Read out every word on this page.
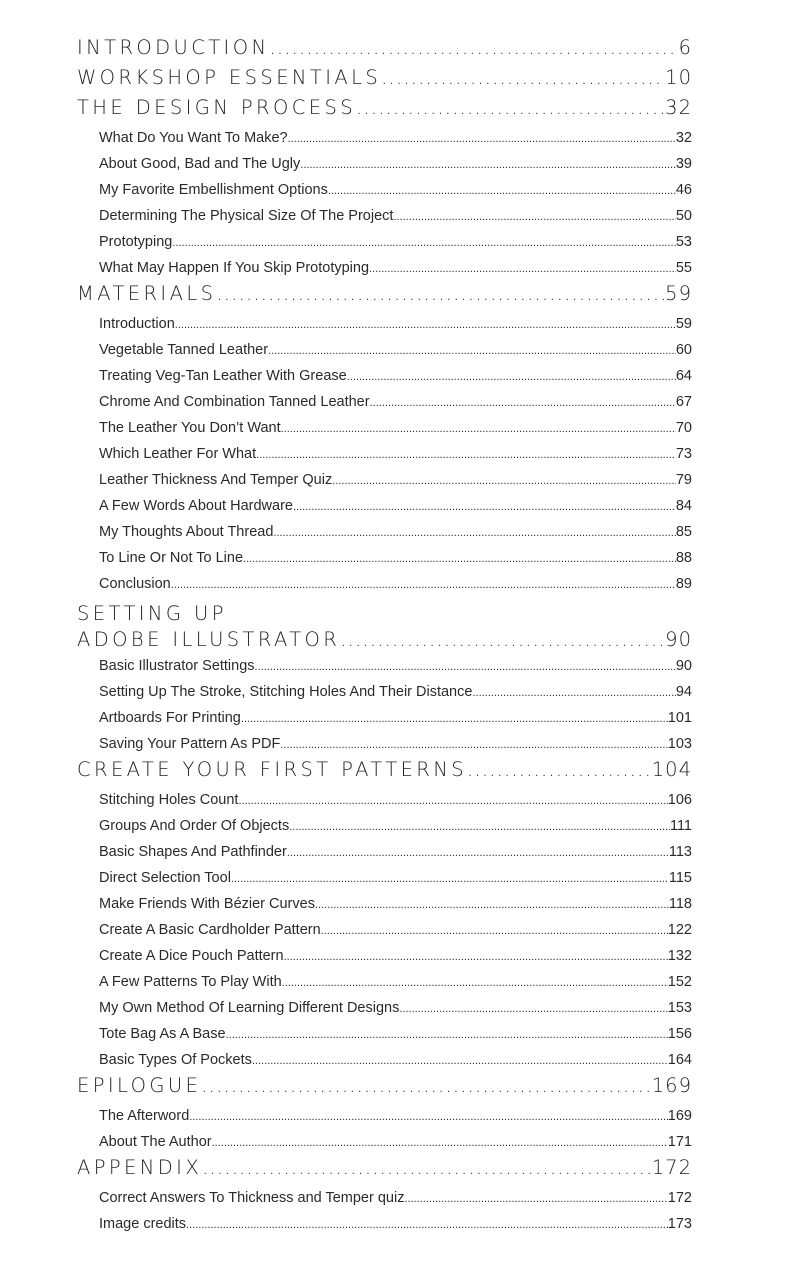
INTRODUCTION .....	6
WORKSHOP ESSENTIALS .....	10
THE DESIGN PROCESS .....	32
What Do You Want To Make? .....	32
About Good, Bad and The Ugly .....	39
My Favorite Embellishment Options .....	46
Determining The Physical Size Of The Project .....	50
Prototyping .....	53
What May Happen If You Skip Prototyping .....	55
MATERIALS .....	59
Introduction .....	59
Vegetable Tanned Leather .....	60
Treating Veg-Tan Leather With Grease .....	64
Chrome And Combination Tanned Leather .....	67
The Leather You Don’t Want .....	70
Which Leather For What .....	73
Leather Thickness And Temper Quiz .....	79
A Few Words About Hardware .....	84
My Thoughts About Thread .....	85
To Line Or Not To Line .....	88
Conclusion .....	89
SETTING UP
ADOBE ILLUSTRATOR .....	90
Basic Illustrator Settings .....	90
Setting Up The Stroke, Stitching Holes And Their Distance .....	94
Artboards For Printing .....	101
Saving Your Pattern As PDF .....	103
CREATE YOUR FIRST PATTERNS .....	104
Stitching Holes Count .....	106
Groups And Order Of Objects .....	111
Basic Shapes And Pathfinder .....	113
Direct Selection Tool .....	115
Make Friends With Bézier Curves .....	118
Create A Basic Cardholder Pattern .....	122
Create A Dice Pouch Pattern .....	132
A Few Patterns To Play With .....	152
My Own Method Of Learning Different Designs .....	153
Tote Bag As A Base .....	156
Basic Types Of Pockets .....	164
EPILOGUE .....	169
The Afterword .....	169
About The Author .....	171
APPENDIX .....	172
Correct Answers To Thickness and Temper quiz .....	172
Image credits .....	173
